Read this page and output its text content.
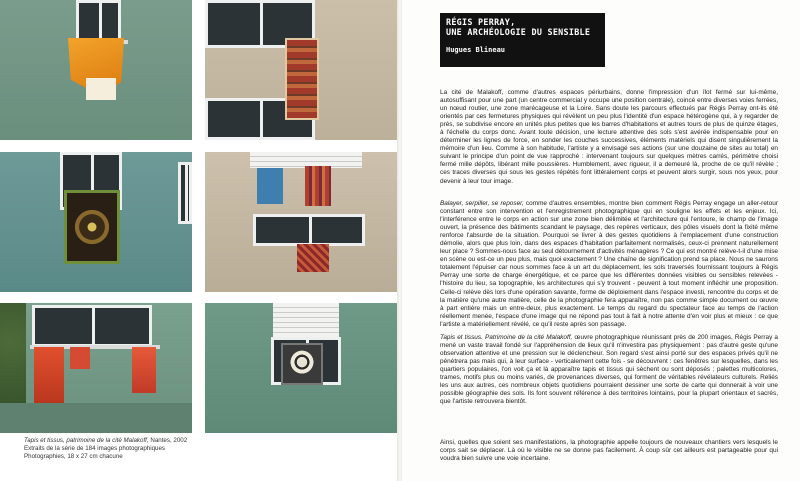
Tapis et tissus, patrimoine de la cité Malakoff, Nantes, 2002
Extraits de la série de 184 images photographiques
Photographies, 18 x 27 cm chacune
RÉGIS PERRAY,
UNE ARCHÉOLOGIE DU SENSIBLE
Hugues Blineau

La cité de Malakoff, comme d'autres espaces périurbains, donne l'impression d'un îlot fermé sur lui-même, autosuffisant pour une part (un centre commercial y occupe une position centrale), coincé entre diverses voies ferrées, un nœud routier, une zone marécageuse et la Loire. Sans doute les parcours effectués par Régis Perray ont-ils été orientés par ces fermetures physiques qui révèlent un peu plus l'identité d'un espace hétérogène qui, à y regarder de près, se subdivise encore en unités plus petites que les barres d'habitations et autres tours de plus de quinze étages, à l'échelle du corps donc. Avant toute décision, une lecture attentive des sols s'est avérée indispensable pour en déterminer les lignes de force, en sonder les couches successives, éléments matériels qui disent singulièrement la mémoire d'un lieu. Comme à son habitude, l'artiste y a envisagé ses actions (sur une douzaine de sites au total) en suivant le principe d'un point de vue rapproché : intervenant toujours sur quelques mètres carrés, périmètre choisi fermé mille dépôts, libérant mille poussières. Humblement, avec rigueur, il a demeuré là, proche de ce qu'il révèle ; ces traces diverses qui sous les gestes répétés font littéralement corps et peuvent alors surgir, sous nos yeux, pour devenir à leur tour image.

Balayer, serpiller, se reposer, comme d'autres ensembles, montre bien comment Régis Perray engage un aller-retour constant entre son intervention et l'enregistrement photographique qui en souligne les effets et les enjeux. Ici, l'interférence entre le corps en action sur une zone bien délimitée et l'architecture qui l'entoure, le champ de l'image ouvert, la présence des bâtiments scandant le paysage, des repères verticaux, des pôles visuels dont la fixité même renforce l'absurde de la situation. Pourquoi se livrer à des gestes quotidiens à l'emplacement d'une construction démolie, alors que plus loin, dans des espaces d'habitation parfaitement normalisés, ceux-ci prennent naturellement leur place ? Sommes-nous face au seul détournement d'activités ménagères ? Ce qui est montré relève-t-il d'une mise en scène ou est-ce un peu plus, mais quoi exactement ? Une chaîne de signification prend sa place. Nous ne saurons totalement l'épuiser car nous sommes face à un art du déplacement, les sols traversés fournissant toujours à Régis Perray une sorte de charge énergétique, et ce parce que les différentes données visibles ou sensibles relevées - l'histoire du lieu, sa topographie, les architectures qui s'y trouvent - peuvent à tout moment infléchir une proposition. Celle-ci relève dès lors d'une opération savante, forme de déploiement dans l'espace investi, rencontre du corps et de la matière qu'une autre matière, celle de la photographie fera apparaître, non pas comme simple document ou œuvre à part entière mais un entre-deux, plus exactement. Le temps du regard du spectateur face au temps de l'action réellement menée, l'espace d'une image qui ne répond pas tout à fait à notre attente d'en voir plus et mieux : ce que l'artiste a matériellement révélé, ce qu'il reste après son passage.

Tapis et tissus. Patrimoine de la cité Malakoff, œuvre photographique réunissant près de 200 images, Régis Perray a mené un vaste travail fondé sur l'appréhension de lieux qu'il n'investira pas physiquement : pas d'autre geste qu'une observation attentive et une pression sur le déclencheur. Son regard s'est ainsi porté sur des espaces privés qu'il ne pénètrera pas mais qui, à leur surface - verticalement cette fois - se découvrent : ces fenêtres sur lesquelles, dans les quartiers populaires, l'on voit ça et là apparaître tapis et tissus qui sèchent ou sont déposés ; palettes multicolores, trames, motifs plus ou moins variés, de provenances diverses, qui forment de véritables révélateurs culturels. Reliés les uns aux autres, ces nombreux objets quotidiens pourraient dessiner une sorte de carte qui donnerait à voir une possible géographie des sols. Ils font souvent référence à des territoires lointains, pour la plupart orientaux et sacrés, que l'artiste retrouvera bientôt.

Ainsi, quelles que soient ses manifestations, la photographie appelle toujours de nouveaux chantiers vers lesquels le corps sait se déplacer. Là où le visible ne se donne pas facilement. À coup sûr cet ailleurs est partageable pour qui voudra bien suivre une voie incertaine.
